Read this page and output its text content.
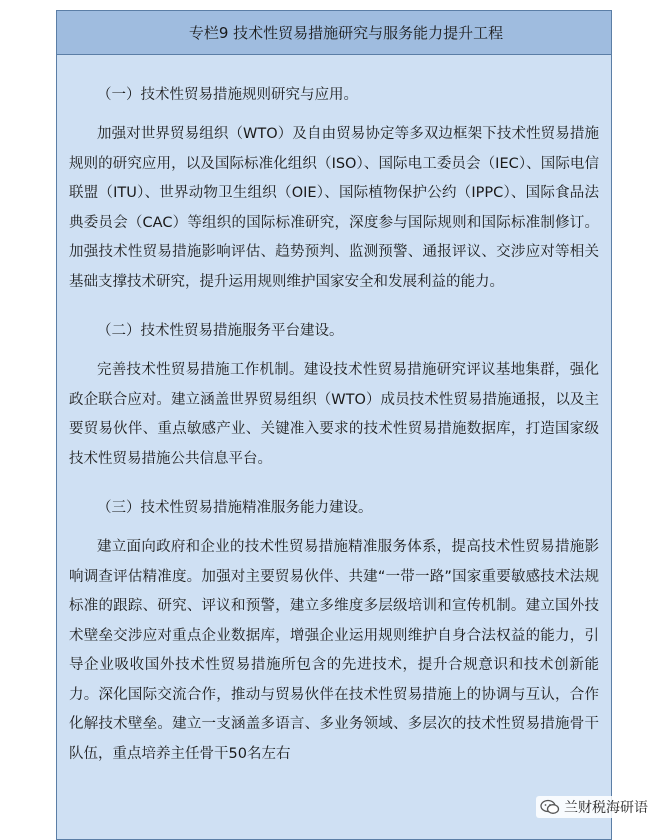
专栏9 技术性贸易措施研究与服务能力提升工程
（一）技术性贸易措施规则研究与应用。

加强对世界贸易组织（WTO）及自由贸易协定等多双边框架下技术性贸易措施规则的研究应用，以及国际标准化组织（ISO）、国际电工委员会（IEC）、国际电信联盟（ITU）、世界动物卫生组织（OIE）、国际植物保护公约（IPPC）、国际食品法典委员会（CAC）等组织的国际标准研究，深度参与国际规则和国际标准制修订。加强技术性贸易措施影响评估、趋势预判、监测预警、通报评议、交涉应对等相关基础支撑技术研究，提升运用规则维护国家安全和发展利益的能力。

（二）技术性贸易措施服务平台建设。

完善技术性贸易措施工作机制。建设技术性贸易措施研究评议基地集群，强化政企联合应对。建立涵盖世界贸易组织（WTO）成员技术性贸易措施通报，以及主要贸易伙伴、重点敏感产业、关键准入要求的技术性贸易措施数据库，打造国家级技术性贸易措施公共信息平台。

（三）技术性贸易措施精准服务能力建设。

建立面向政府和企业的技术性贸易措施精准服务体系，提高技术性贸易措施影响调查评估精准度。加强对主要贸易伙伴、共建“一带一路”国家重要敏感技术法规标准的跟踪、研究、评议和预警，建立多维度多层级培训和宣传机制。建立国外技术壁垒交涉应对重点企业数据库，增强企业运用规则维护自身合法权益的能力，引导企业吸收国外技术性贸易措施所包含的先进技术，提升合规意识和技术创新能力。深化国际交流合作，推动与贸易伙伴在技术性贸易措施上的协调与互认，合作化解技术壁垒。建立一支涵盖多语言、多业务领域、多层次的技术性贸易措施骨干队伍，重点培养主任骨干50名左右

兰财税海研语
